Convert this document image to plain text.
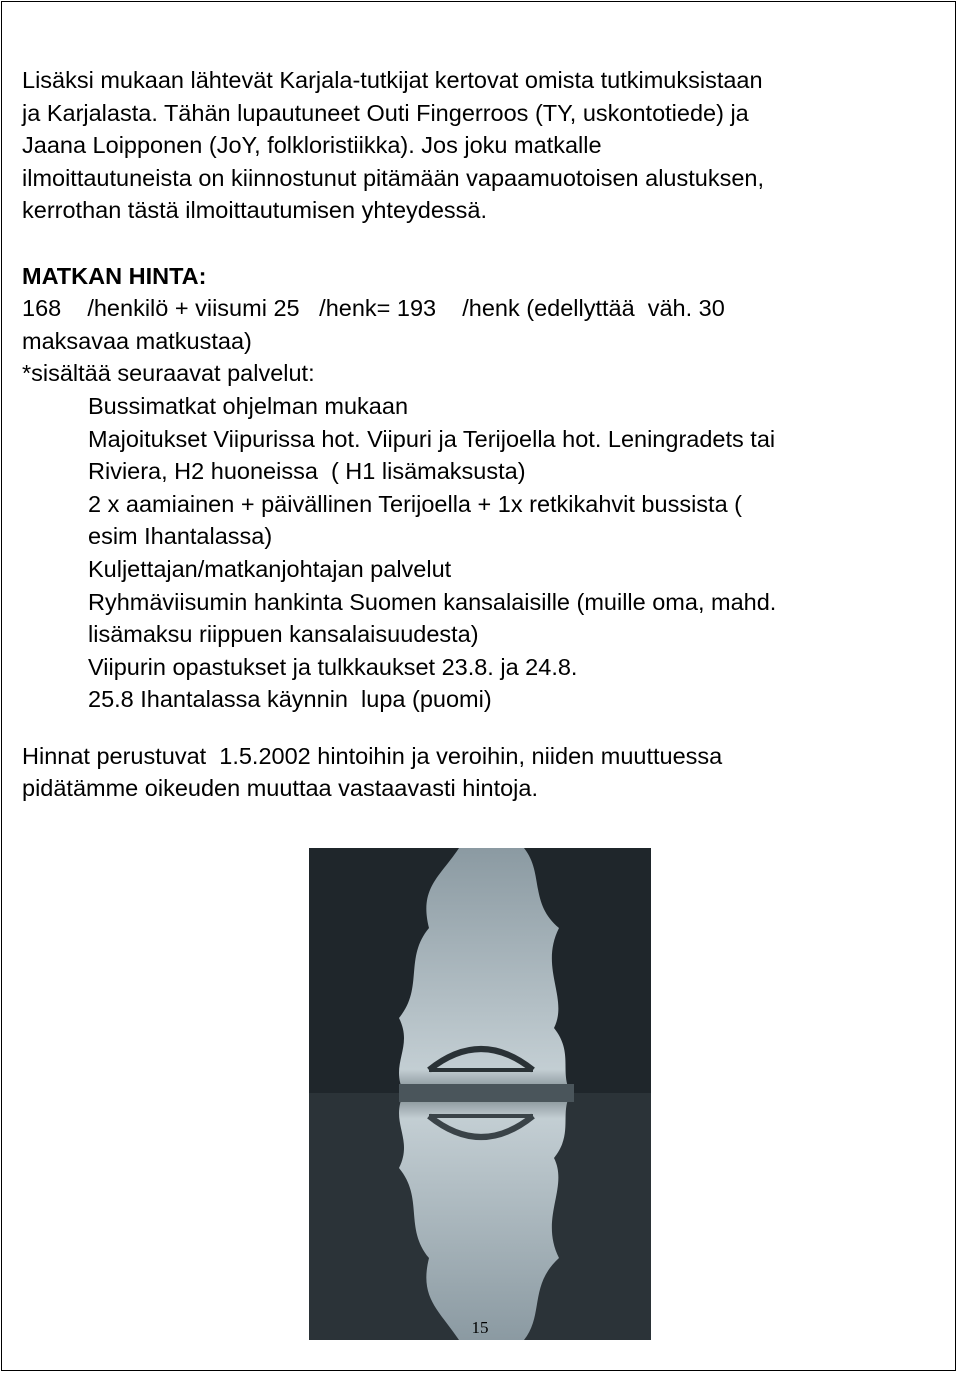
Lisäksi mukaan lähtevät Karjala-tutkijat kertovat omista tutkimuksistaan
ja Karjalasta. Tähän lupautuneet Outi Fingerroos (TY, uskontotiede) ja
Jaana Loipponen (JoY, folkloristiikka). Jos joku matkalle
ilmoittautuneista on kiinnostunut pitämään vapaamuotoisen alustuksen,
kerrothan tästä ilmoittautumisen yhteydessä.
MATKAN HINTA:
168    /henkilö + viisumi 25   /henk= 193    /henk (edellyttää  väh. 30
maksavaa matkustaa)
*sisältää seuraavat palvelut:
Bussimatkat ohjelman mukaan
Majoitukset Viipurissa hot. Viipuri ja Terijoella hot. Leningradets tai
Riviera, H2 huoneissa  ( H1 lisämaksusta)
2 x aamiainen + päivällinen Terijoella + 1x retkikahvit bussista (
esim Ihantalassa)
Kuljettajan/matkanjohtajan palvelut
Ryhmäviisumin hankinta Suomen kansalaisille (muille oma, mahd.
lisämaksu riippuen kansalaisuudesta)
Viipurin opastukset ja tulkkaukset 23.8. ja 24.8.
25.8 Ihantalassa käynnin  lupa (puomi)
Hinnat perustuvat  1.5.2002 hintoihin ja veroihin, niiden muuttuessa
pidätämme oikeuden muuttaa vastaavasti hintoja.
15
